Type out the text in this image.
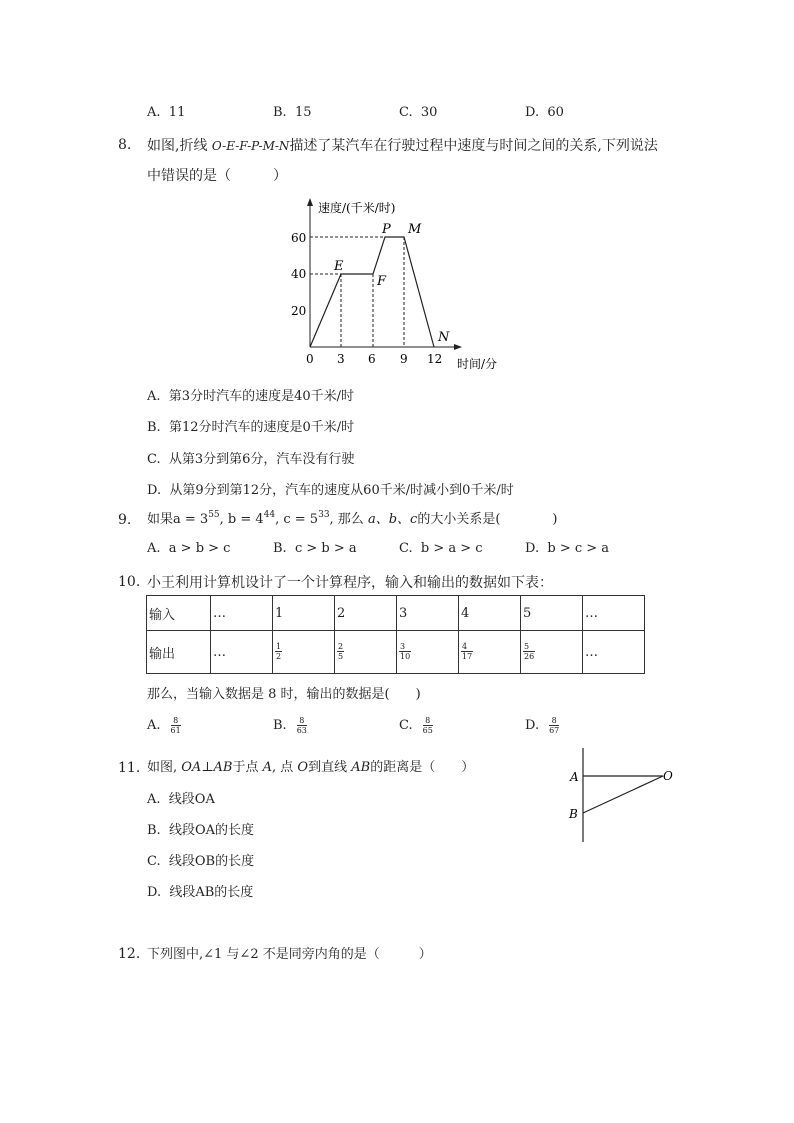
A. 11	B. 15	C. 30	D. 60
8. 如图,折线 O-E-F-P-M-N描述了某汽车在行驶过程中速度与时间之间的关系,下列说法
中错误的是（　　　）
速度/(千米/时)
时间/分
20
40
60
0 3 6 9 12
E
F
P M
N
A. 第3分时汽车的速度是40千米/时
B. 第12分时汽车的速度是0千米/时
C. 从第3分到第6分，汽车没有行驶
D. 从第9分到第12分，汽车的速度从60千米/时减小到0千米/时
9. 如果$a = 3^{55}$, $b = 4^{44}$, $c = 5^{33}$, 那么 a、b、c的大小关系是(　　　　)
A. a > b > c	B. c > b > a	C. b > a > c	D. b > c > a
10. 小王利用计算机设计了一个计算程序，输入和输出的数据如下表：
输入	…	1	2	3	4	5	…
输出	…	$\frac{1}{2}$	$\frac{2}{5}$	$\frac{3}{10}$	$\frac{4}{17}$	$\frac{5}{26}$	…
那么，当输入数据是 8 时，输出的数据是(　　)
A. $\frac{8}{61}$	B. $\frac{8}{63}$	C. $\frac{8}{65}$	D. $\frac{8}{67}$
11. 如图, OA⊥AB于点 A, 点 O到直线 AB的距离是（　　）
A. 线段OA
B. 线段OA的长度
C. 线段OB的长度
D. 线段AB的长度
A
B
O
12. 下列图中,∠1 与∠2 不是同旁内角的是（　　　）
